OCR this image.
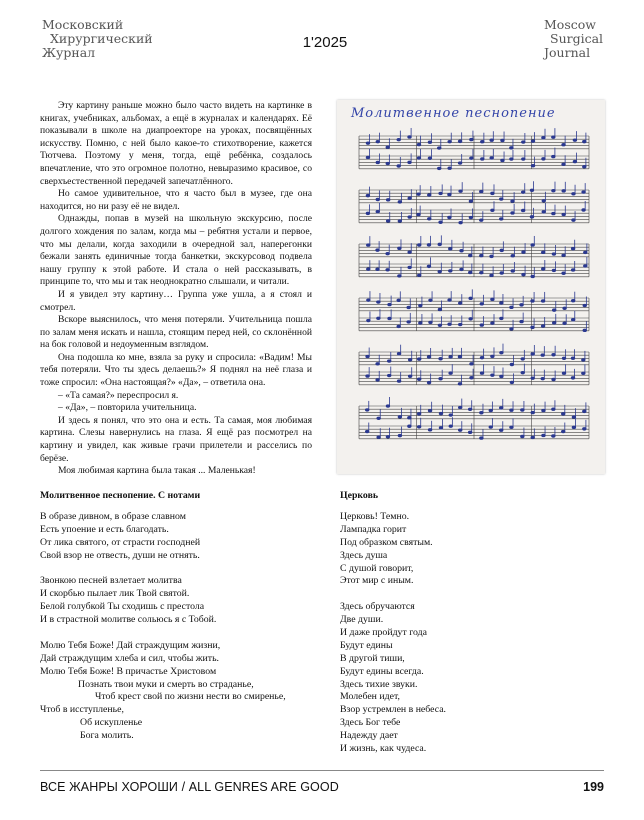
Московский
Хирургический
Журнал
1'2025
Moscow
Surgical
Journal

Эту картину раньше можно было часто видеть на картинке в книгах, учебниках, альбомах, а ещё в журналах и календарях. Её показывали в школе на диапроекторе на уроках, посвящённых искусству. Помню, с ней было какое-то стихотворение, кажется Тютчева. Поэтому у меня, тогда, ещё ребёнка, создалось впечатление, что это огромное полотно, невыразимо красивое, со сверхъестественной передачей запечатлённого.

Но самое удивительное, что я часто был в музее, где она находится, но ни разу её не видел.

Однажды, попав в музей на школьную экскурсию, после долгого хождения по залам, когда мы – ребятня устали и первое, что мы делали, когда заходили в очередной зал, наперегонки бежали занять единичные тогда банкетки, экскурсовод подвела нашу группу к этой работе. И стала о ней рассказывать, в принципе то, что мы и так неоднократно слышали, и читали.

И я увидел эту картину… Группа уже ушла, а я стоял и смотрел.

Вскоре выяснилось, что меня потеряли. Учительница пошла по залам меня искать и нашла, стоящим перед ней, со склонённой на бок головой и недоуменным взглядом.

Она подошла ко мне, взяла за руку и спросила: «Вадим! Мы тебя потеряли. Что ты здесь делаешь?» Я поднял на неё глаза и тоже спросил: «Она настоящая?» «Да», – ответила она.

– «Та самая?» переспросил я.

– «Да», – повторила учительница.

И здесь я понял, что это она и есть. Та самая, моя любимая картина. Слезы навернулись на глаза. Я ещё раз посмотрел на картину и увидел, как живые грачи прилетели и расселись по берёзе.

Моя любимая картина была такая ... Маленькая!

Молитвенное песнопение
Молитвенное песнопение. С нотами
В образе дивном, в образе славном
Есть упоение и есть благодать.
От лика святого, от страсти господней
Свой взор не отвесть, души не отнять.
Звонкою песней взлетает молитва
И скорбью пылает лик Твой святой.
Белой голубкой Ты сходишь с престола
И в страстной молитве сольюсь я с Тобой.
Молю Тебя Боже! Дай страждущим жизни,
Дай страждущим хлеба и сил, чтобы жить.
Молю Тебя Боже! В причастье Христовом
Познать твои муки и смерть во страданье,
Чтоб крест свой по жизни нести во смиренье,
Чтоб в исступленье,
Об искупленье
Бога молить.
Церковь
Церковь! Темно.
Лампадка горит
Под образком святым.
Здесь душа
С душой говорит,
Этот мир с иным.
Здесь обручаются
Две души.
И даже пройдут года
Будут едины
В другой тиши,
Будут едины всегда.
Здесь тихие звуки.
Молебен идет,
Взор устремлен в небеса.
Здесь Бог тебе
Надежду дает
И жизнь, как чудеса.
ВСЕ ЖАНРЫ ХОРОШИ / ALL GENRES ARE GOOD	199
